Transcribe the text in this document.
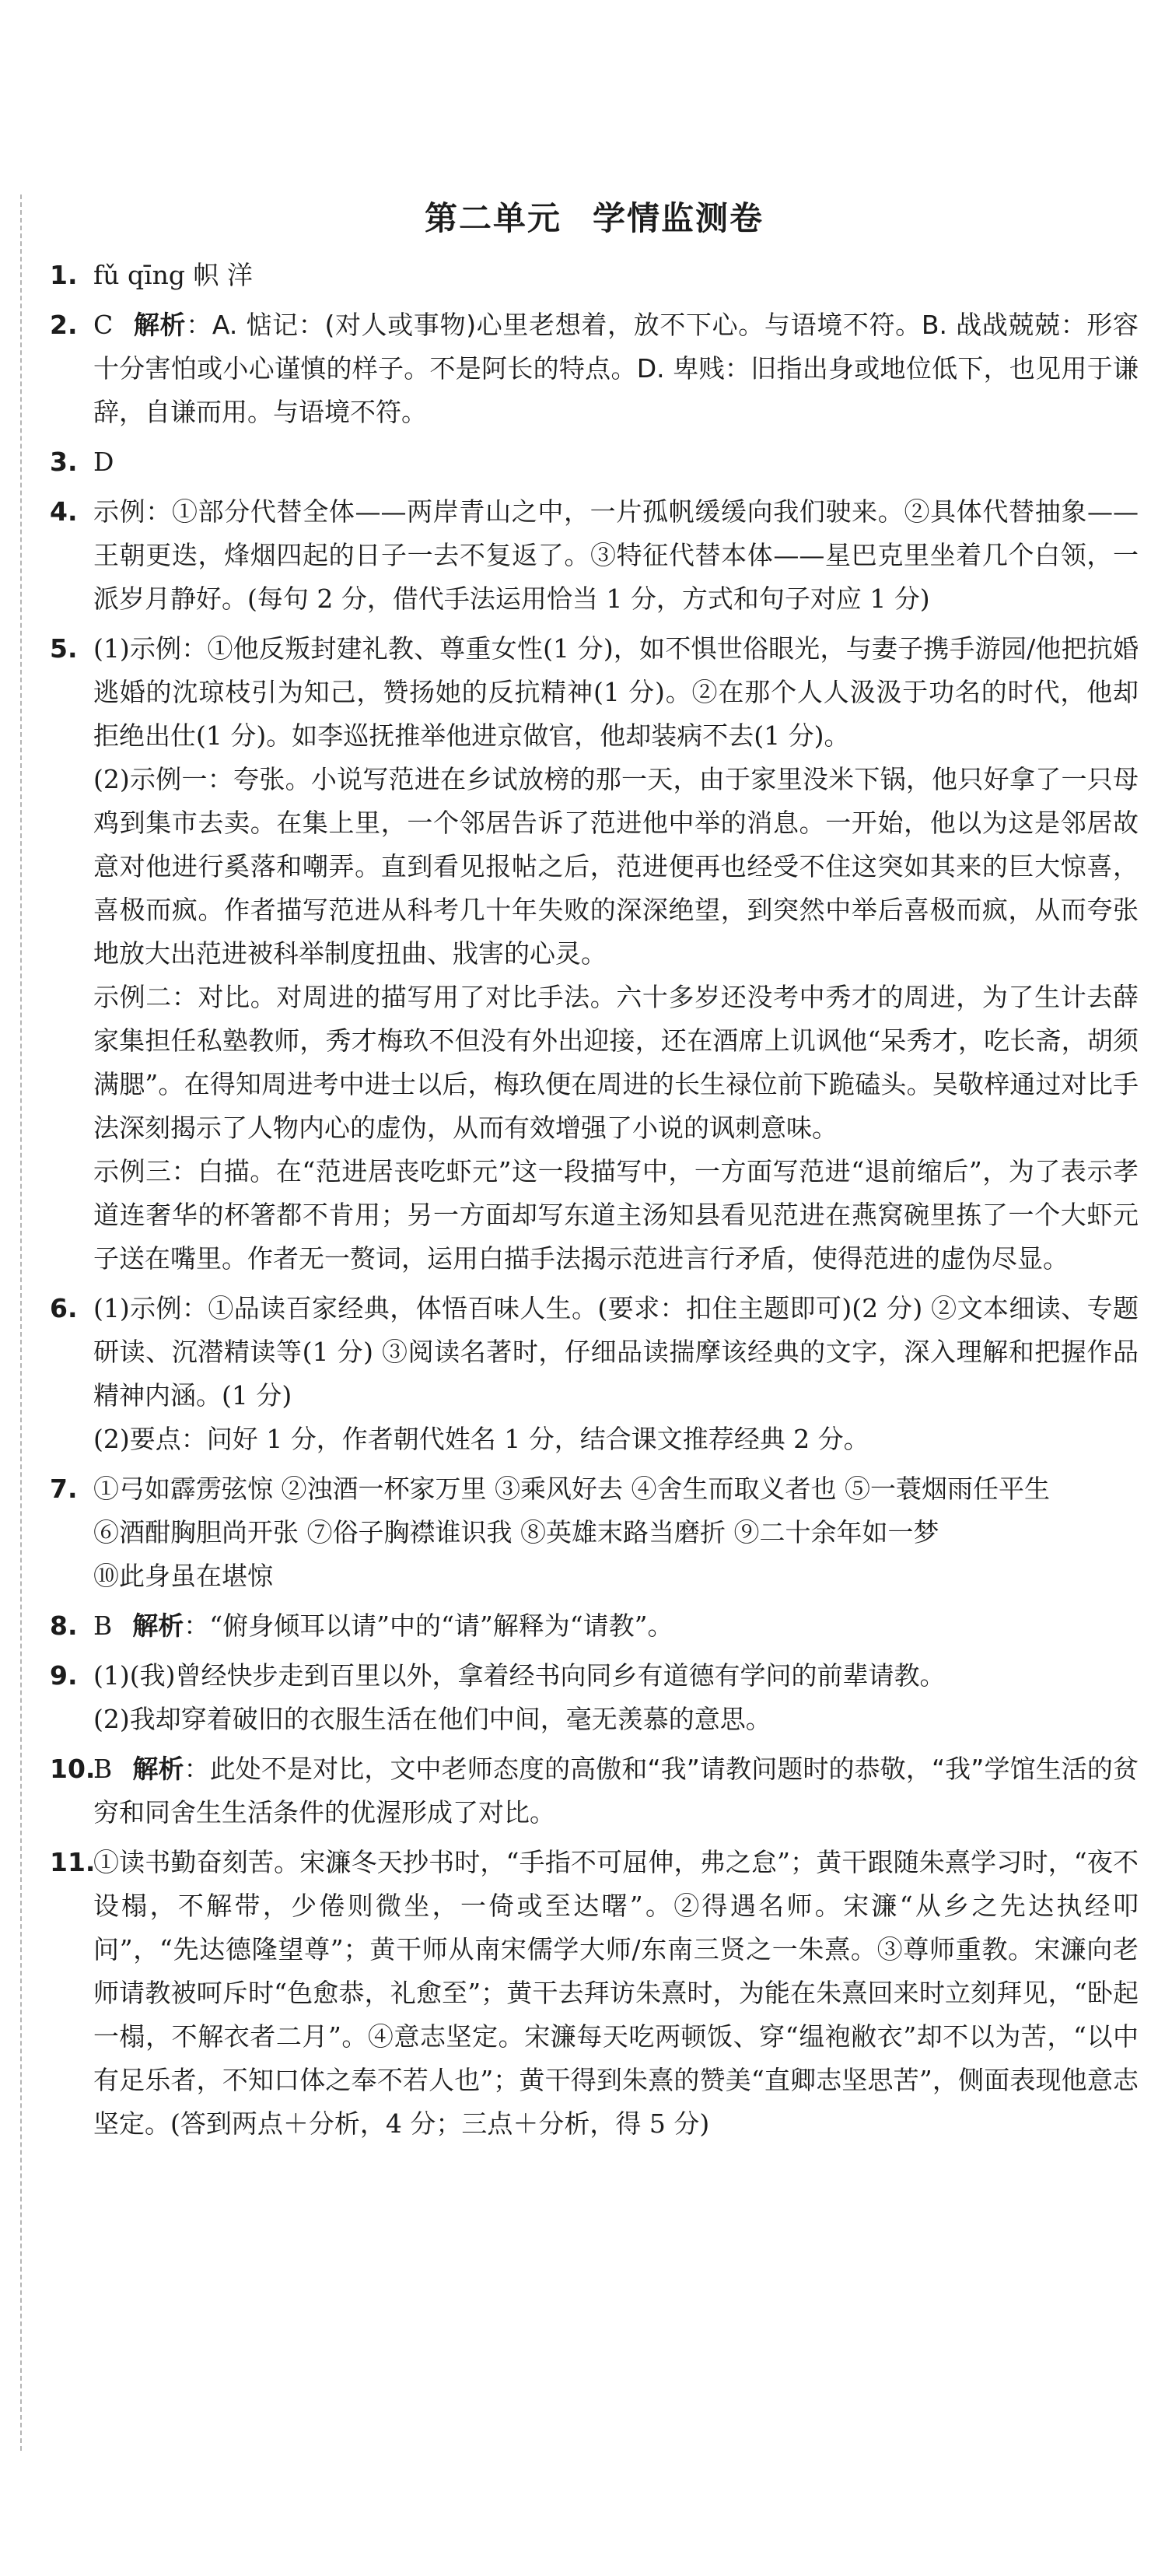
第二单元 学情监测卷
1. fǔ qīng 帜 洋

2. C 解析：A. 惦记：(对人或事物)心里老想着，放不下心。与语境不符。B. 战战兢兢：形容十分害怕或小心谨慎的样子。不是阿长的特点。D. 卑贱：旧指出身或地位低下，也见用于谦辞，自谦而用。与语境不符。

3. D

4. 示例：①部分代替全体——两岸青山之中，一片孤帆缓缓向我们驶来。②具体代替抽象——王朝更迭，烽烟四起的日子一去不复返了。③特征代替本体——星巴克里坐着几个白领，一派岁月静好。(每句 2 分，借代手法运用恰当 1 分，方式和句子对应 1 分)

5. (1)示例：①他反叛封建礼教、尊重女性(1 分)，如不惧世俗眼光，与妻子携手游园/他把抗婚逃婚的沈琼枝引为知己，赞扬她的反抗精神(1 分)。②在那个人人汲汲于功名的时代，他却拒绝出仕(1 分)。如李巡抚推举他进京做官，他却装病不去(1 分)。

(2)示例一：夸张。小说写范进在乡试放榜的那一天，由于家里没米下锅，他只好拿了一只母鸡到集市去卖。在集上里，一个邻居告诉了范进他中举的消息。一开始，他以为这是邻居故意对他进行奚落和嘲弄。直到看见报帖之后，范进便再也经受不住这突如其来的巨大惊喜，喜极而疯。作者描写范进从科考几十年失败的深深绝望，到突然中举后喜极而疯，从而夸张地放大出范进被科举制度扭曲、戕害的心灵。

示例二：对比。对周进的描写用了对比手法。六十多岁还没考中秀才的周进，为了生计去薛家集担任私塾教师，秀才梅玖不但没有外出迎接，还在酒席上讥讽他“呆秀才，吃长斋，胡须满腮”。在得知周进考中进士以后，梅玖便在周进的长生禄位前下跪磕头。吴敬梓通过对比手法深刻揭示了人物内心的虚伪，从而有效增强了小说的讽刺意味。

示例三：白描。在“范进居丧吃虾元”这一段描写中，一方面写范进“退前缩后”，为了表示孝道连奢华的杯箸都不肯用；另一方面却写东道主汤知县看见范进在燕窝碗里拣了一个大虾元子送在嘴里。作者无一赘词，运用白描手法揭示范进言行矛盾，使得范进的虚伪尽显。

6. (1)示例：①品读百家经典，体悟百味人生。(要求：扣住主题即可)(2 分) ②文本细读、专题研读、沉潜精读等(1 分) ③阅读名著时，仔细品读揣摩该经典的文字，深入理解和把握作品精神内涵。(1 分)

(2)要点：问好 1 分，作者朝代姓名 1 分，结合课文推荐经典 2 分。

7. ①弓如霹雳弦惊 ②浊酒一杯家万里 ③乘风好去 ④舍生而取义者也 ⑤一蓑烟雨任平生

⑥酒酣胸胆尚开张 ⑦俗子胸襟谁识我 ⑧英雄末路当磨折 ⑨二十余年如一梦

⑩此身虽在堪惊

8. B 解析：“俯身倾耳以请”中的“请”解释为“请教”。

9. (1)(我)曾经快步走到百里以外，拿着经书向同乡有道德有学问的前辈请教。

(2)我却穿着破旧的衣服生活在他们中间，毫无羡慕的意思。

10.

B 解析：此处不是对比，文中老师态度的高傲和“我”请教问题时的恭敬，“我”学馆生活的贫穷和同舍生生活条件的优渥形成了对比。

11.

①读书勤奋刻苦。宋濂冬天抄书时，“手指不可屈伸，弗之怠”；黄干跟随朱熹学习时，“夜不设榻，不解带，少倦则微坐，一倚或至达曙”。②得遇名师。宋濂“从乡之先达执经叩问”，“先达德隆望尊”；黄干师从南宋儒学大师/东南三贤之一朱熹。③尊师重教。宋濂向老师请教被呵斥时“色愈恭，礼愈至”；黄干去拜访朱熹时，为能在朱熹回来时立刻拜见，“卧起一榻，不解衣者二月”。④意志坚定。宋濂每天吃两顿饭、穿“缊袍敝衣”却不以为苦，“以中有足乐者，不知口体之奉不若人也”；黄干得到朱熹的赞美“直卿志坚思苦”，侧面表现他意志坚定。(答到两点＋分析，4 分；三点＋分析，得 5 分)
